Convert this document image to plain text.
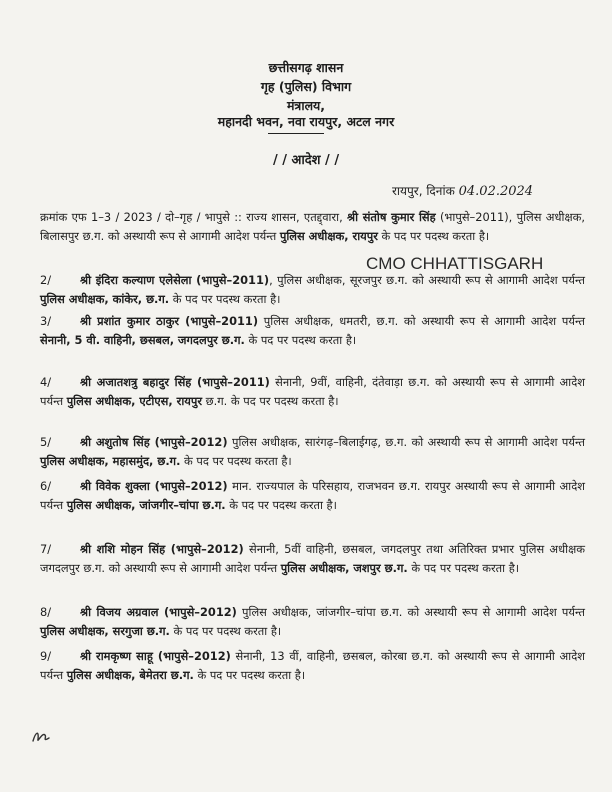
छत्तीसगढ़ शासन
गृह (पुलिस) विभाग
मंत्रालय,
महानदी भवन, नवा रायपुर, अटल नगर
/ / आदेश / /
रायपुर, दिनांक 04.02.2024
CMO CHHATTISGARH
क्रमांक एफ 1–3 / 2023 / दो–गृह / भापुसे :: राज्य शासन, एतद्द्वारा, श्री संतोष कुमार सिंह (भापुसे–2011), पुलिस अधीक्षक, बिलासपुर छ.ग. को अस्थायी रूप से आगामी आदेश पर्यन्त पुलिस अधीक्षक, रायपुर के पद पर पदस्थ करता है।
2/	श्री इंदिरा कल्याण एलेसेला (भापुसे–2011), पुलिस अधीक्षक, सूरजपुर छ.ग. को अस्थायी रूप से आगामी आदेश पर्यन्त पुलिस अधीक्षक, कांकेर, छ.ग. के पद पर पदस्थ करता है।
3/	श्री प्रशांत कुमार ठाकुर (भापुसे–2011) पुलिस अधीक्षक, धमतरी, छ.ग. को अस्थायी रूप से आगामी आदेश पर्यन्त सेनानी, 5 वी. वाहिनी, छसबल, जगदलपुर छ.ग. के पद पर पदस्थ करता है।
4/	श्री अजातशत्रु बहादुर सिंह (भापुसे–2011) सेनानी, 9वीं, वाहिनी, दंतेवाड़ा छ.ग. को अस्थायी रूप से आगामी आदेश पर्यन्त पुलिस अधीक्षक, एटीएस, रायपुर छ.ग. के पद पर पदस्थ करता है।
5/	श्री अशुतोष सिंह (भापुसे–2012) पुलिस अधीक्षक, सारंगढ़–बिलाईगढ़, छ.ग. को अस्थायी रूप से आगामी आदेश पर्यन्त पुलिस अधीक्षक, महासमुंद, छ.ग. के पद पर पदस्थ करता है।
6/	श्री विवेक शुक्ला (भापुसे–2012) मान. राज्यपाल के परिसहाय, राजभवन छ.ग. रायपुर अस्थायी रूप से आगामी आदेश पर्यन्त पुलिस अधीक्षक, जांजगीर–चांपा छ.ग. के पद पर पदस्थ करता है।
7/	श्री शशि मोहन सिंह (भापुसे–2012) सेनानी, 5वीं वाहिनी, छसबल, जगदलपुर तथा अतिरिक्त प्रभार पुलिस अधीक्षक जगदलपुर छ.ग. को अस्थायी रूप से आगामी आदेश पर्यन्त पुलिस अधीक्षक, जशपुर छ.ग. के पद पर पदस्थ करता है।
8/	श्री विजय अग्रवाल (भापुसे–2012) पुलिस अधीक्षक, जांजगीर–चांपा छ.ग. को अस्थायी रूप से आगामी आदेश पर्यन्त पुलिस अधीक्षक, सरगुजा छ.ग. के पद पर पदस्थ करता है।
9/	श्री रामकृष्ण साहू (भापुसे–2012) सेनानी, 13 वीं, वाहिनी, छसबल, कोरबा छ.ग. को अस्थायी रूप से आगामी आदेश पर्यन्त पुलिस अधीक्षक, बेमेतरा छ.ग. के पद पर पदस्थ करता है।
